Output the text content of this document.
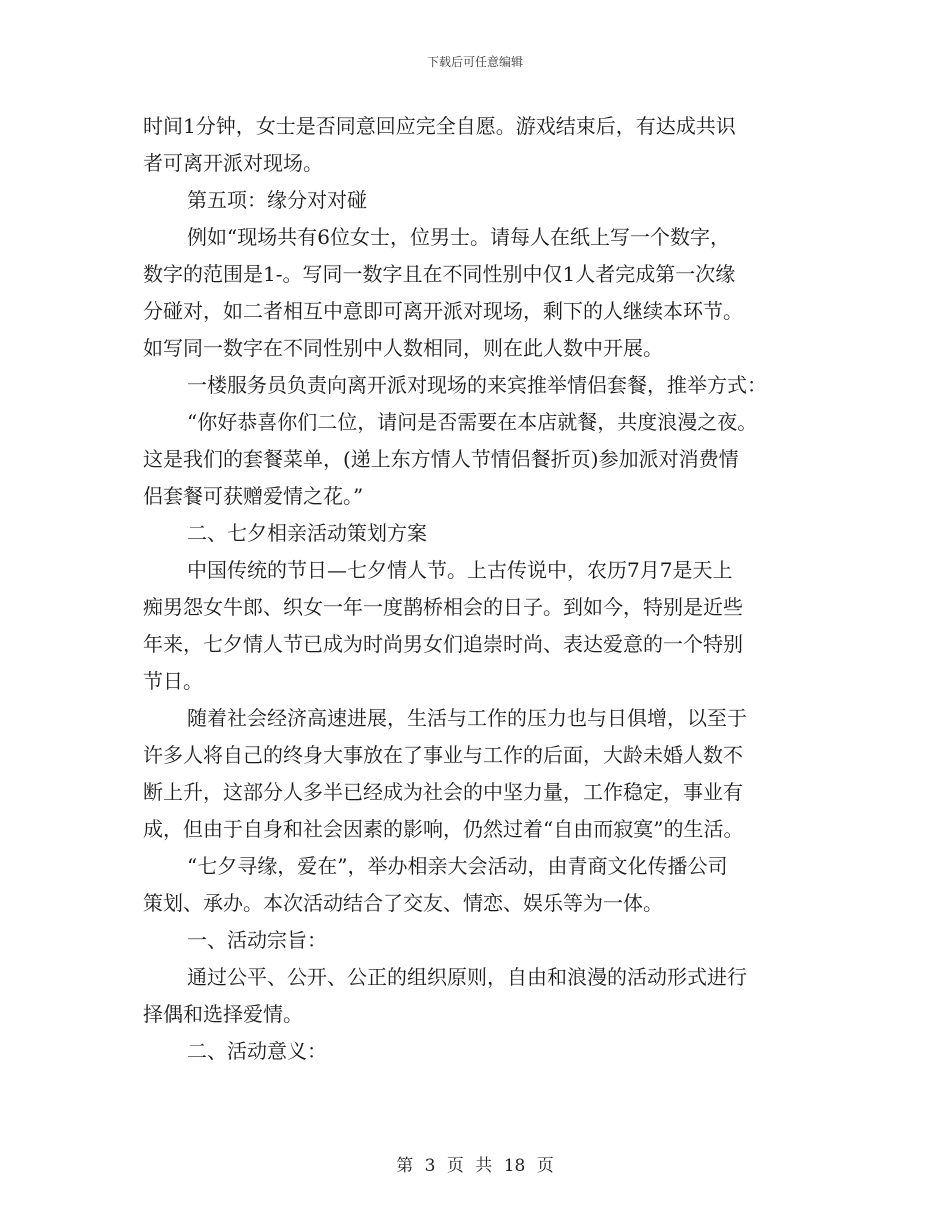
下载后可任意编辑
时间1分钟，女士是否同意回应完全自愿。游戏结束后，有达成共识
者可离开派对现场。
第五项：缘分对对碰
例如“现场共有6位女士，位男士。请每人在纸上写一个数字，
数字的范围是1-。写同一数字且在不同性别中仅1人者完成第一次缘
分碰对，如二者相互中意即可离开派对现场，剩下的人继续本环节。
如写同一数字在不同性别中人数相同，则在此人数中开展。
一楼服务员负责向离开派对现场的来宾推举情侣套餐，推举方式：
“你好恭喜你们二位，请问是否需要在本店就餐，共度浪漫之夜。
这是我们的套餐菜单，(递上东方情人节情侣餐折页)参加派对消费情
侣套餐可获赠爱情之花。”
二、七夕相亲活动策划方案
中国传统的节日—七夕情人节。上古传说中，农历7月7是天上
痴男怨女牛郎、织女一年一度鹊桥相会的日子。到如今，特别是近些
年来，七夕情人节已成为时尚男女们追崇时尚、表达爱意的一个特别
节日。
随着社会经济高速进展，生活与工作的压力也与日俱增，以至于
许多人将自己的终身大事放在了事业与工作的后面，大龄未婚人数不
断上升，这部分人多半已经成为社会的中坚力量，工作稳定，事业有
成，但由于自身和社会因素的影响，仍然过着“自由而寂寞”的生活。
“七夕寻缘，爱在”，举办相亲大会活动，由青商文化传播公司
策划、承办。本次活动结合了交友、情恋、娱乐等为一体。
一、活动宗旨：
通过公平、公开、公正的组织原则，自由和浪漫的活动形式进行
择偶和选择爱情。
二、活动意义：
第 3 页 共 18 页
